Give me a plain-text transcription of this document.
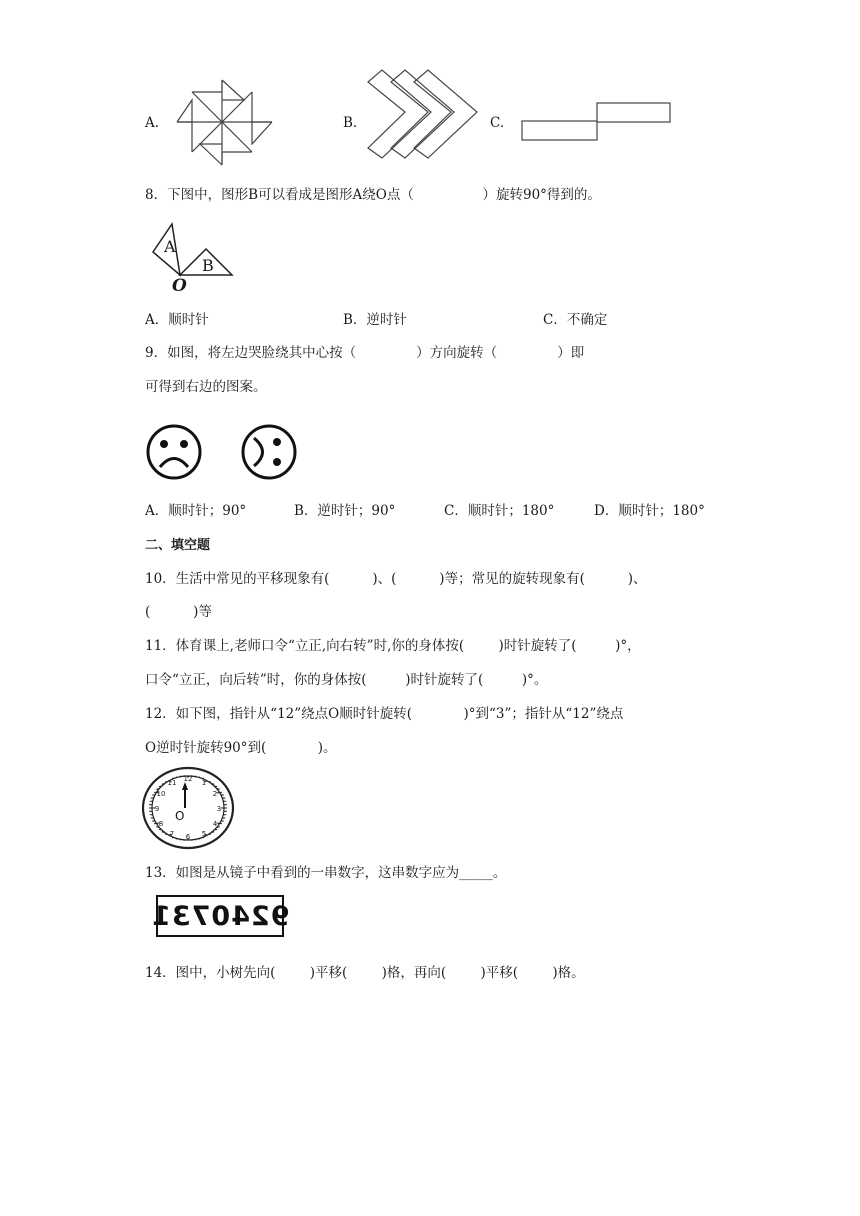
A.	B.	C.
8．下图中，图形B可以看成是图形A绕O点（                ）旋转90°得到的。
A
B
O
A．顺时针	B．逆时针	C．不确定
9．如图，将左边哭脸绕其中心按（              ）方向旋转（              ）即
可得到右边的图案。
A．顺时针；90°	B．逆时针；90°	C．顺时针；180°	D．顺时针；180°
二、填空题
10．生活中常见的平移现象有(          )、(          )等；常见的旋转现象有(          )、
(          )等
11．体育课上,老师口令“立正,向右转”时,你的身体按(        )时针旋转了(         )°，
口令“立正，向后转”时，你的身体按(         )时针旋转了(         )°。
12．如下图，指针从“12”绕点O顺时针旋转(            )°到“3”；指针从“12”绕点
O逆时针旋转90°到(            )。
12
3
6
9
1
2
4
5
7
8
10
11
O
13．如图是从镜子中看到的一串数字，这串数字应为_____。
9240731
14．图中，小树先向(        )平移(        )格，再向(        )平移(        )格。
